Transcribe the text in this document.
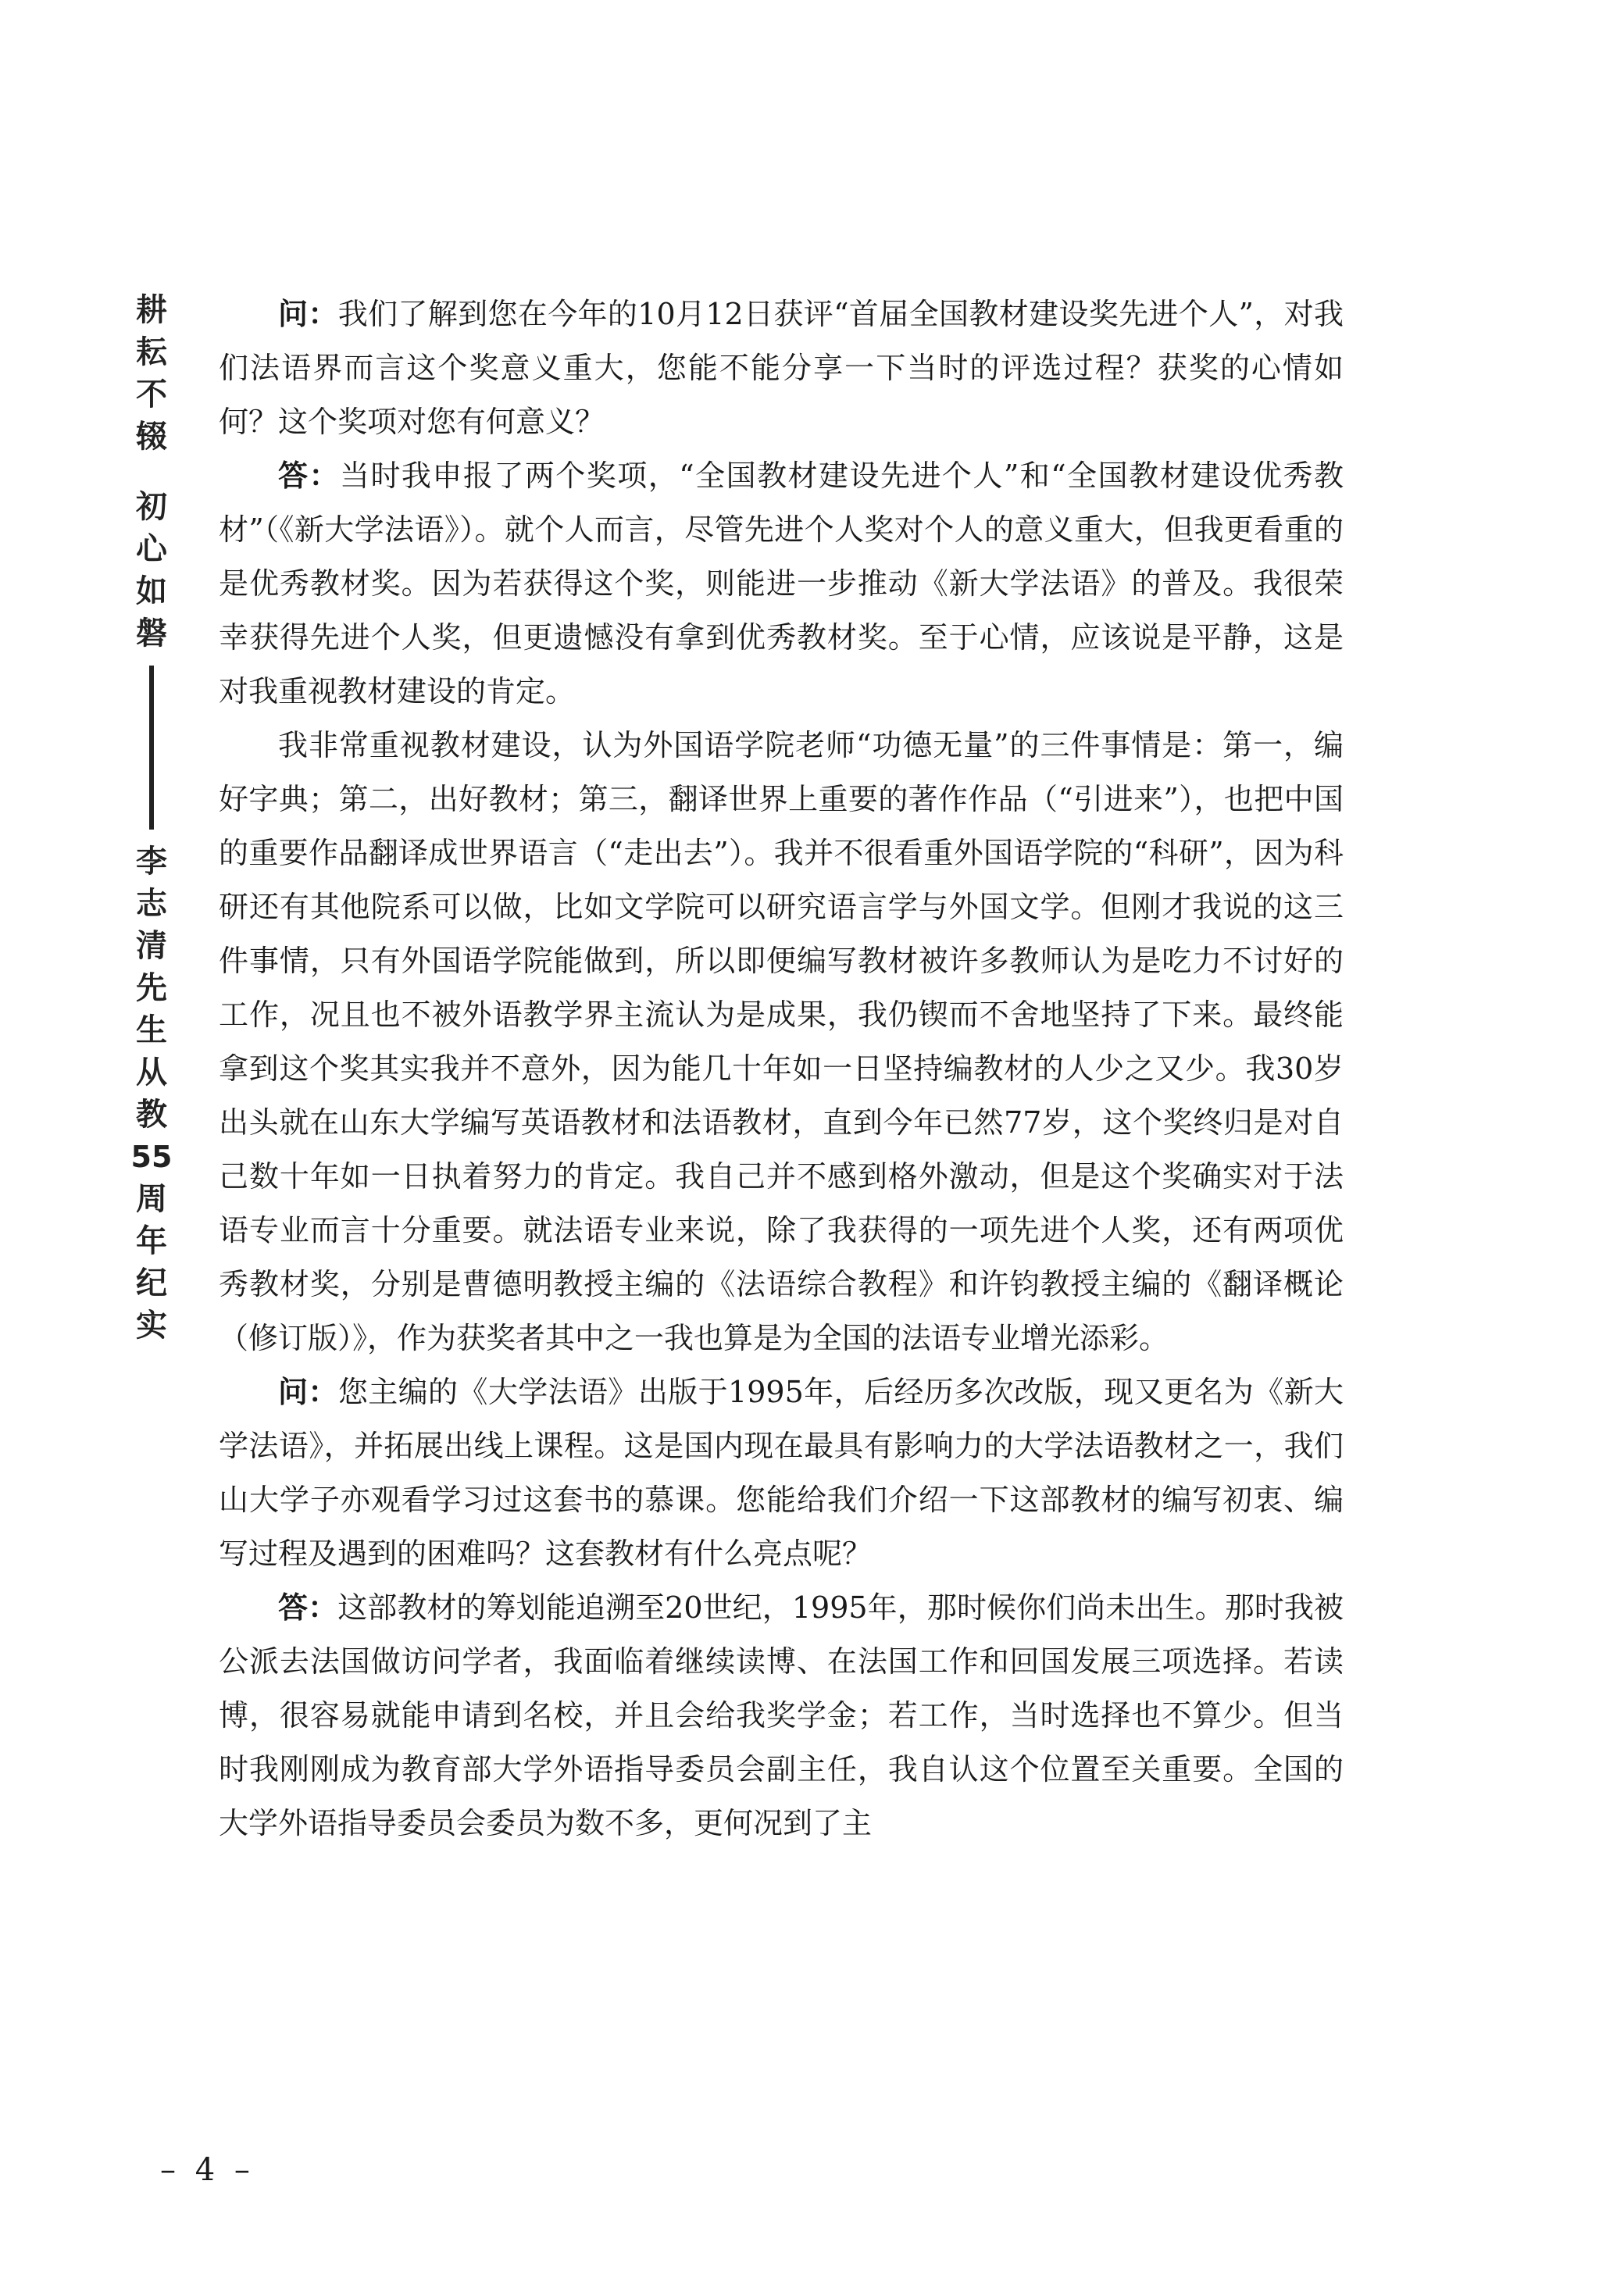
耕耘不辍
初心如磐
李志清先生从教
55
周年纪实

问：我们了解到您在今年的10月12日获评“首届全国教材建设奖先进个人”，对我们法语界而言这个奖意义重大，您能不能分享一下当时的评选过程？获奖的心情如何？这个奖项对您有何意义？

答：当时我申报了两个奖项，“全国教材建设先进个人”和“全国教材建设优秀教材”（《新大学法语》）。就个人而言，尽管先进个人奖对个人的意义重大，但我更看重的是优秀教材奖。因为若获得这个奖，则能进一步推动《新大学法语》的普及。我很荣幸获得先进个人奖，但更遗憾没有拿到优秀教材奖。至于心情，应该说是平静，这是对我重视教材建设的肯定。

我非常重视教材建设，认为外国语学院老师“功德无量”的三件事情是：第一，编好字典；第二，出好教材；第三，翻译世界上重要的著作作品（“引进来”），也把中国的重要作品翻译成世界语言（“走出去”）。我并不很看重外国语学院的“科研”，因为科研还有其他院系可以做，比如文学院可以研究语言学与外国文学。但刚才我说的这三件事情，只有外国语学院能做到，所以即便编写教材被许多教师认为是吃力不讨好的工作，况且也不被外语教学界主流认为是成果，我仍锲而不舍地坚持了下来。最终能拿到这个奖其实我并不意外，因为能几十年如一日坚持编教材的人少之又少。我30岁出头就在山东大学编写英语教材和法语教材，直到今年已然77岁，这个奖终归是对自己数十年如一日执着努力的肯定。我自己并不感到格外激动，但是这个奖确实对于法语专业而言十分重要。就法语专业来说，除了我获得的一项先进个人奖，还有两项优秀教材奖，分别是曹德明教授主编的《法语综合教程》和许钧教授主编的《翻译概论（修订版）》，作为获奖者其中之一我也算是为全国的法语专业增光添彩。

问：您主编的《大学法语》出版于1995年，后经历多次改版，现又更名为《新大学法语》，并拓展出线上课程。这是国内现在最具有影响力的大学法语教材之一，我们山大学子亦观看学习过这套书的慕课。您能给我们介绍一下这部教材的编写初衷、编写过程及遇到的困难吗？这套教材有什么亮点呢？

答：这部教材的筹划能追溯至20世纪，1995年，那时候你们尚未出生。那时我被公派去法国做访问学者，我面临着继续读博、在法国工作和回国发展三项选择。若读博，很容易就能申请到名校，并且会给我奖学金；若工作，当时选择也不算少。但当时我刚刚成为教育部大学外语指导委员会副主任，我自认这个位置至关重要。全国的大学外语指导委员会委员为数不多，更何况到了主

– 4 –
